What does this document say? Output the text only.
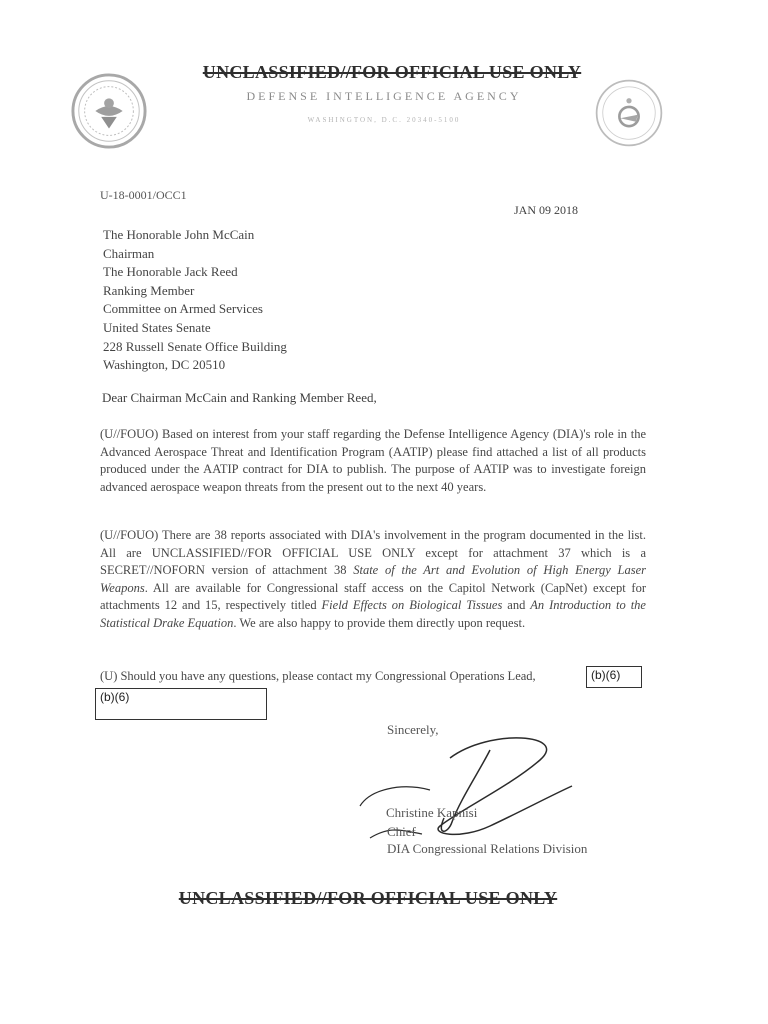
UNCLASSIFIED//FOR OFFICIAL USE ONLY
DEFENSE INTELLIGENCE AGENCY
WASHINGTON, D.C. 20340-5100
U-18-0001/OCC1
JAN 09 2018
The Honorable John McCain
Chairman
The Honorable Jack Reed
Ranking Member
Committee on Armed Services
United States Senate
228 Russell Senate Office Building
Washington, DC 20510
Dear Chairman McCain and Ranking Member Reed,
(U//FOUO) Based on interest from your staff regarding the Defense Intelligence Agency (DIA)'s role in the Advanced Aerospace Threat and Identification Program (AATIP) please find attached a list of all products produced under the AATIP contract for DIA to publish. The purpose of AATIP was to investigate foreign advanced aerospace weapon threats from the present out to the next 40 years.
(U//FOUO) There are 38 reports associated with DIA's involvement in the program documented in the list. All are UNCLASSIFIED//FOR OFFICIAL USE ONLY except for attachment 37 which is a SECRET//NOFORN version of attachment 38 State of the Art and Evolution of High Energy Laser Weapons. All are available for Congressional staff access on the Capitol Network (CapNet) except for attachments 12 and 15, respectively titled Field Effects on Biological Tissues and An Introduction to the Statistical Drake Equation. We are also happy to provide them directly upon request.
(U) Should you have any questions, please contact my Congressional Operations Lead,	(b)(6)
(b)(6)
Sincerely,
Christine Kapnisi
Chief
DIA Congressional Relations Division
UNCLASSIFIED//FOR OFFICIAL USE ONLY
